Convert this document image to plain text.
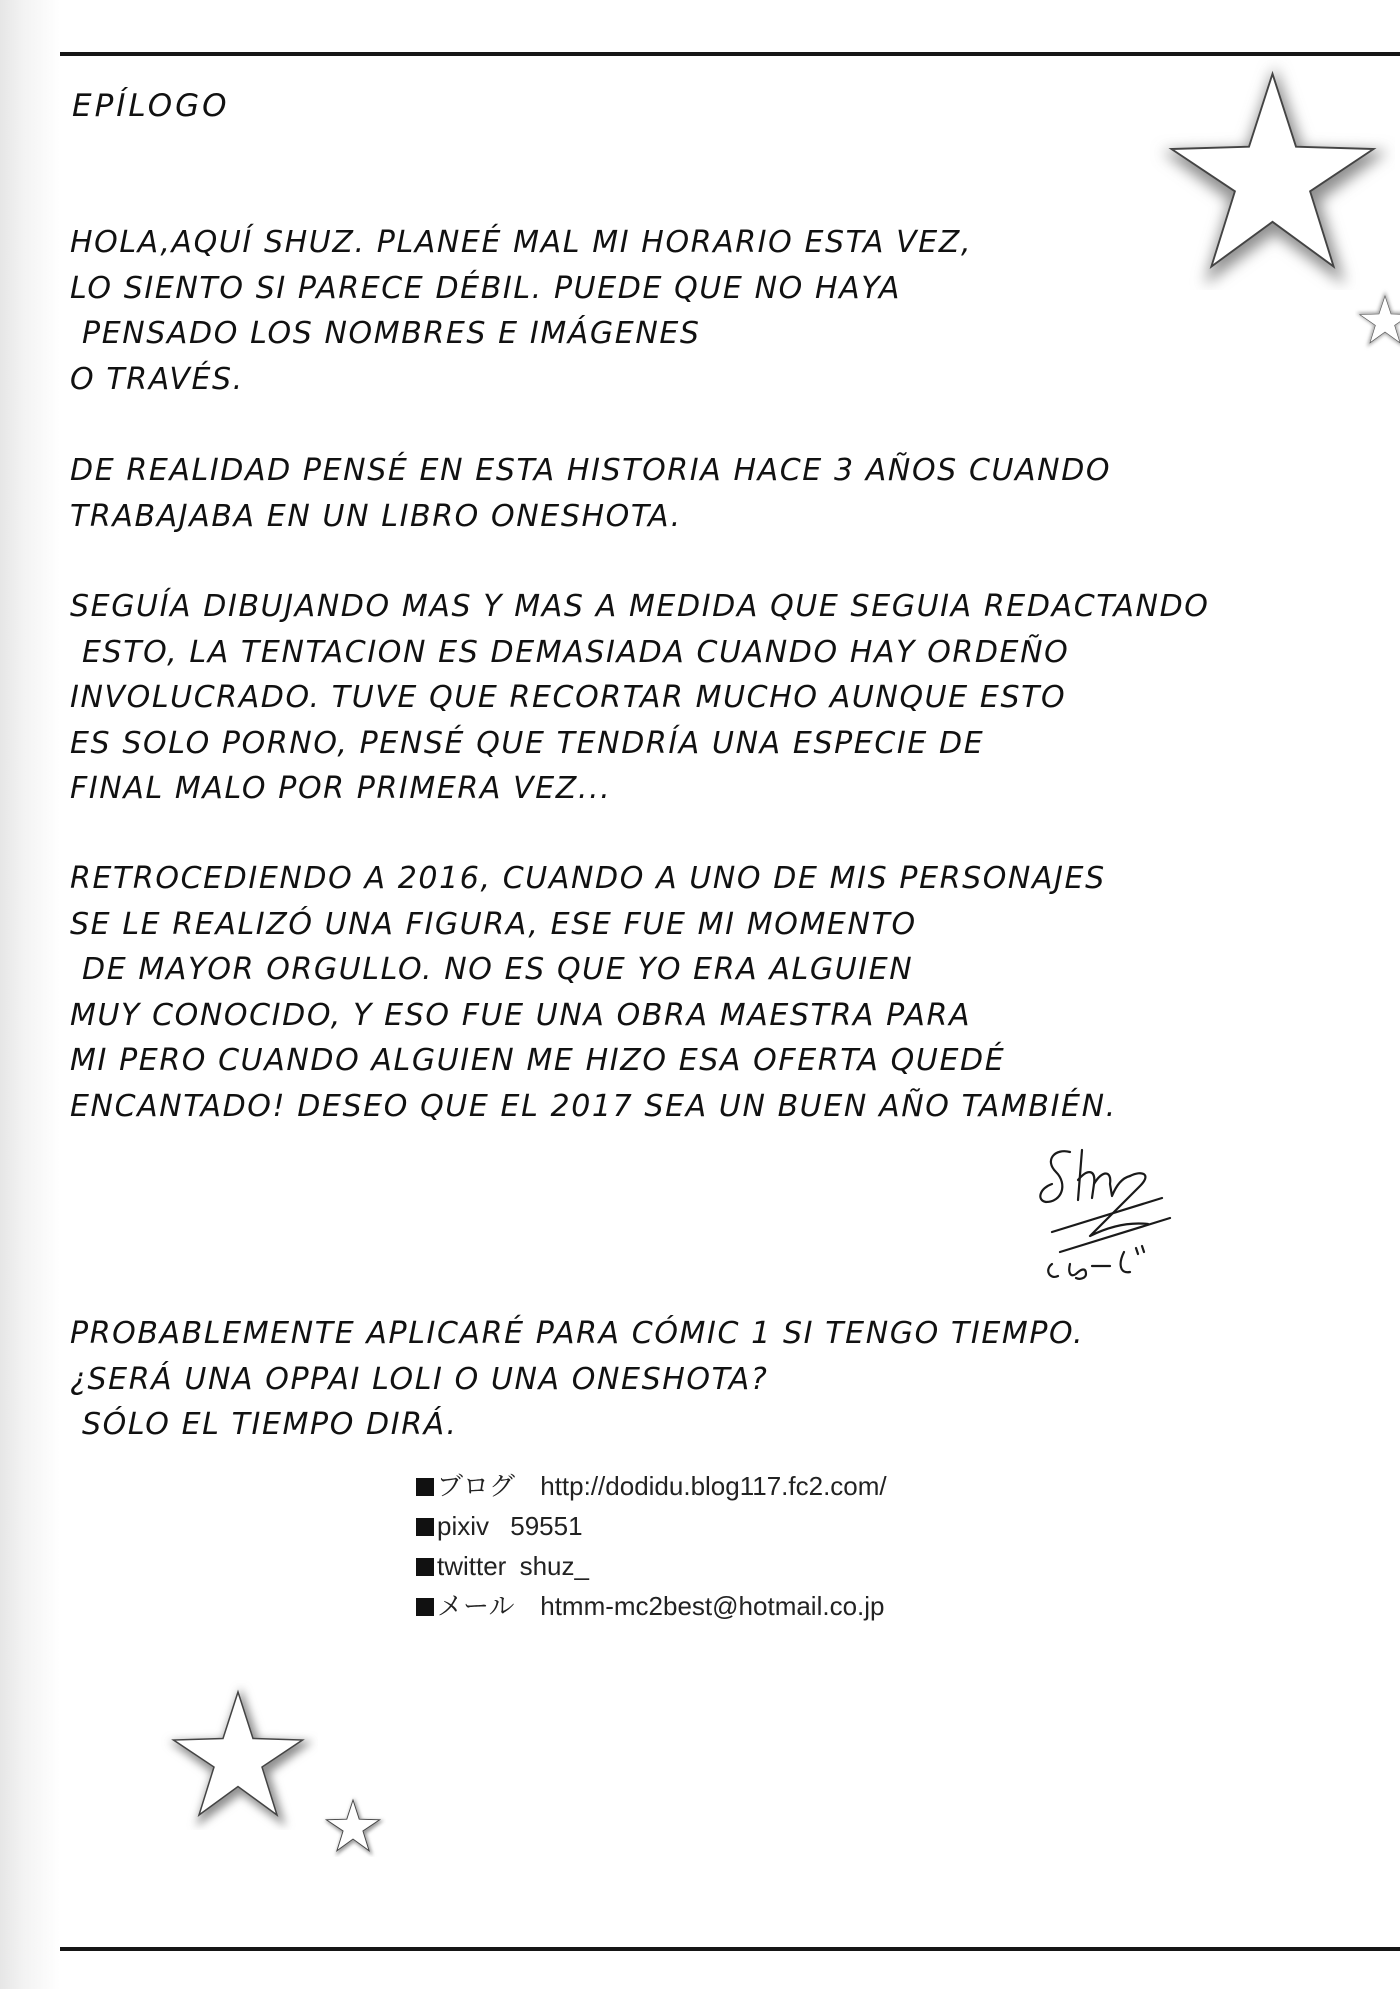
EPÍLOGO

HOLA,AQUÍ SHUZ. PLANEÉ MAL MI HORARIO ESTA VEZ,
LO SIENTO SI PARECE DÉBIL. PUEDE QUE NO HAYA
PENSADO LOS NOMBRES E IMÁGENES
O TRAVÉS.

DE REALIDAD PENSÉ EN ESTA HISTORIA HACE 3 AÑOS CUANDO
TRABAJABA EN UN LIBRO ONESHOTA.

SEGUÍA DIBUJANDO MAS Y MAS A MEDIDA QUE SEGUIA REDACTANDO
ESTO, LA TENTACION ES DEMASIADA CUANDO HAY ORDEÑO
INVOLUCRADO. TUVE QUE RECORTAR MUCHO AUNQUE ESTO
ES SOLO PORNO, PENSÉ QUE TENDRÍA UNA ESPECIE DE
FINAL MALO POR PRIMERA VEZ...

RETROCEDIENDO A 2016, CUANDO A UNO DE MIS PERSONAJES
SE LE REALIZÓ UNA FIGURA, ESE FUE MI MOMENTO
DE MAYOR ORGULLO. NO ES QUE YO ERA ALGUIEN
MUY CONOCIDO, Y ESO FUE UNA OBRA MAESTRA PARA
MI PERO CUANDO ALGUIEN ME HIZO ESA OFERTA QUEDÉ
ENCANTADO! DESEO QUE EL 2017 SEA UN BUEN AÑO TAMBIÉN.

PROBABLEMENTE APLICARÉ PARA CÓMIC 1 SI TENGO TIEMPO.
¿SERÁ UNA OPPAI LOLI O UNA ONESHOTA?
SÓLO EL TIEMPO DIRÁ.

ブログ http://dodidu.blog117.fc2.com/
pixiv 59551
twitter shuz_
メール htmm-mc2best@hotmail.co.jp
